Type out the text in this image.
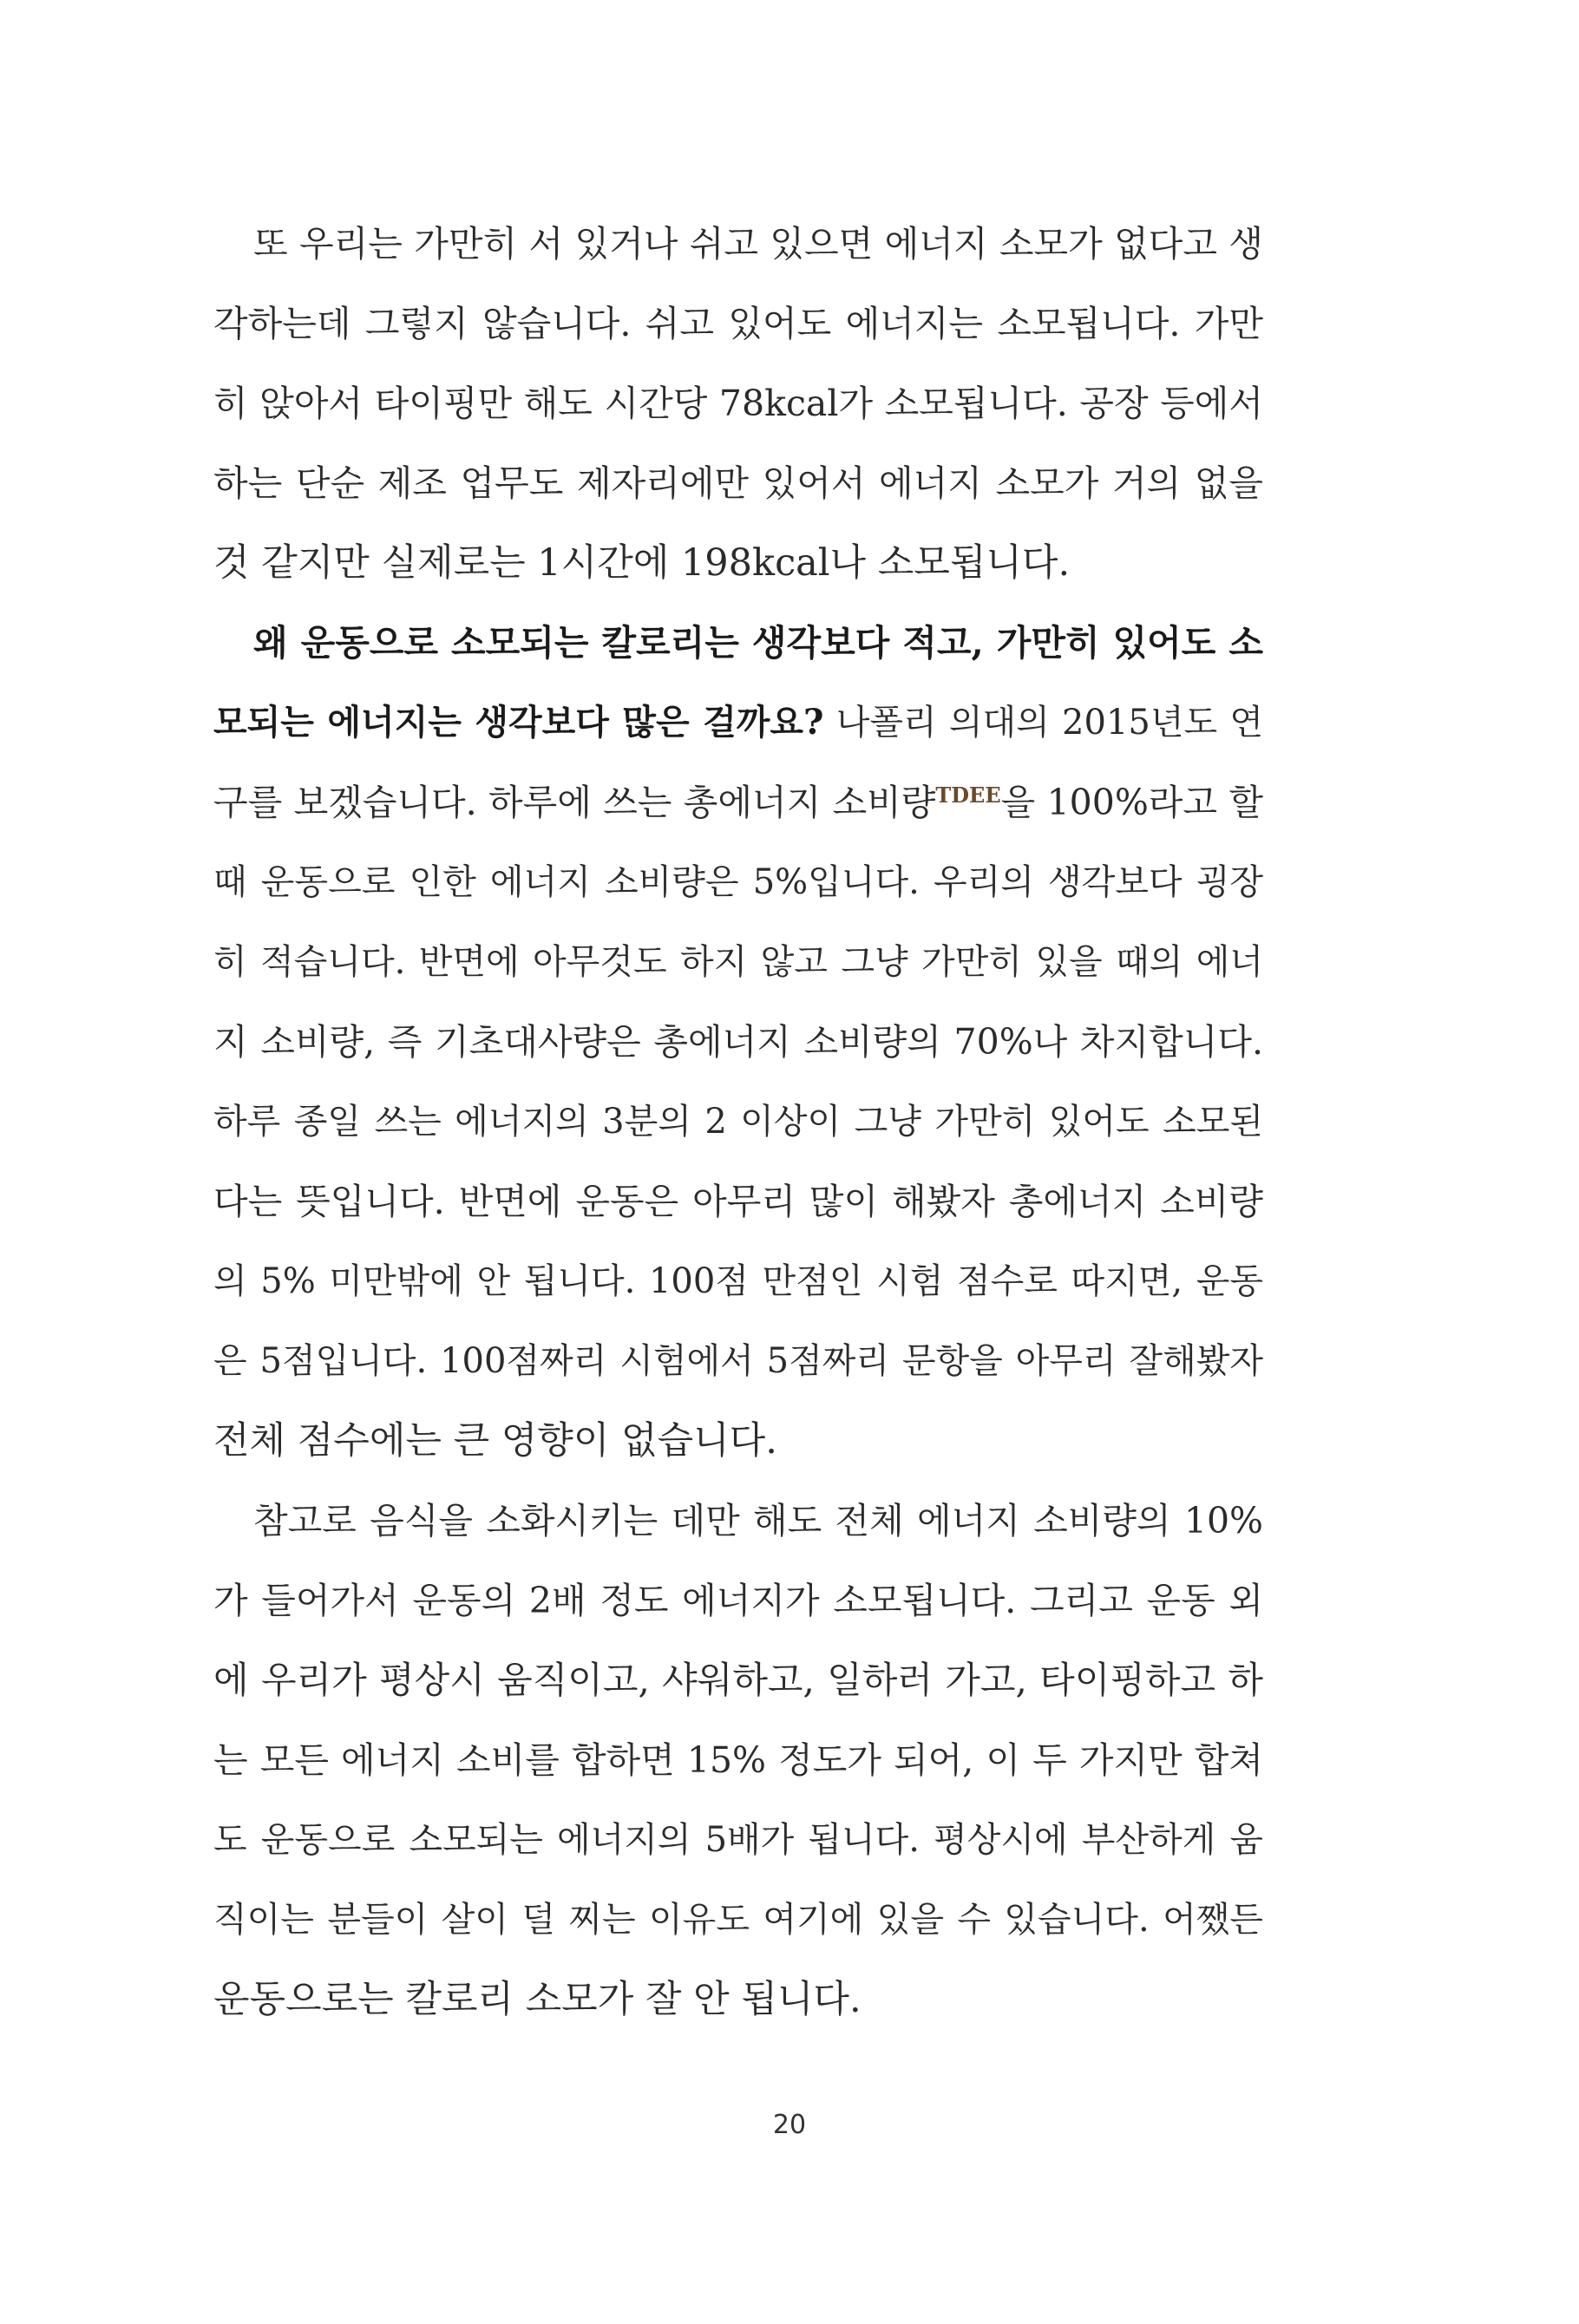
또 우리는 가만히 서 있거나 쉬고 있으면 에너지 소모가 없다고 생
각하는데 그렇지 않습니다. 쉬고 있어도 에너지는 소모됩니다. 가만
히 앉아서 타이핑만 해도 시간당 78kcal가 소모됩니다. 공장 등에서
하는 단순 제조 업무도 제자리에만 있어서 에너지 소모가 거의 없을
것 같지만 실제로는 1시간에 198kcal나 소모됩니다.
왜 운동으로 소모되는 칼로리는 생각보다 적고, 가만히 있어도 소
모되는 에너지는 생각보다 많은 걸까요? 나폴리 의대의 2015년도 연
구를 보겠습니다. 하루에 쓰는 총에너지 소비량$^{TDEE}$을 100%라고 할
때 운동으로 인한 에너지 소비량은 5%입니다. 우리의 생각보다 굉장
히 적습니다. 반면에 아무것도 하지 않고 그냥 가만히 있을 때의 에너
지 소비량, 즉 기초대사량은 총에너지 소비량의 70%나 차지합니다.
하루 종일 쓰는 에너지의 3분의 2 이상이 그냥 가만히 있어도 소모된
다는 뜻입니다. 반면에 운동은 아무리 많이 해봤자 총에너지 소비량
의 5% 미만밖에 안 됩니다. 100점 만점인 시험 점수로 따지면, 운동
은 5점입니다. 100점짜리 시험에서 5점짜리 문항을 아무리 잘해봤자
전체 점수에는 큰 영향이 없습니다.
참고로 음식을 소화시키는 데만 해도 전체 에너지 소비량의 10%
가 들어가서 운동의 2배 정도 에너지가 소모됩니다. 그리고 운동 외
에 우리가 평상시 움직이고, 샤워하고, 일하러 가고, 타이핑하고 하
는 모든 에너지 소비를 합하면 15% 정도가 되어, 이 두 가지만 합쳐
도 운동으로 소모되는 에너지의 5배가 됩니다. 평상시에 부산하게 움
직이는 분들이 살이 덜 찌는 이유도 여기에 있을 수 있습니다. 어쨌든
운동으로는 칼로리 소모가 잘 안 됩니다.
20
